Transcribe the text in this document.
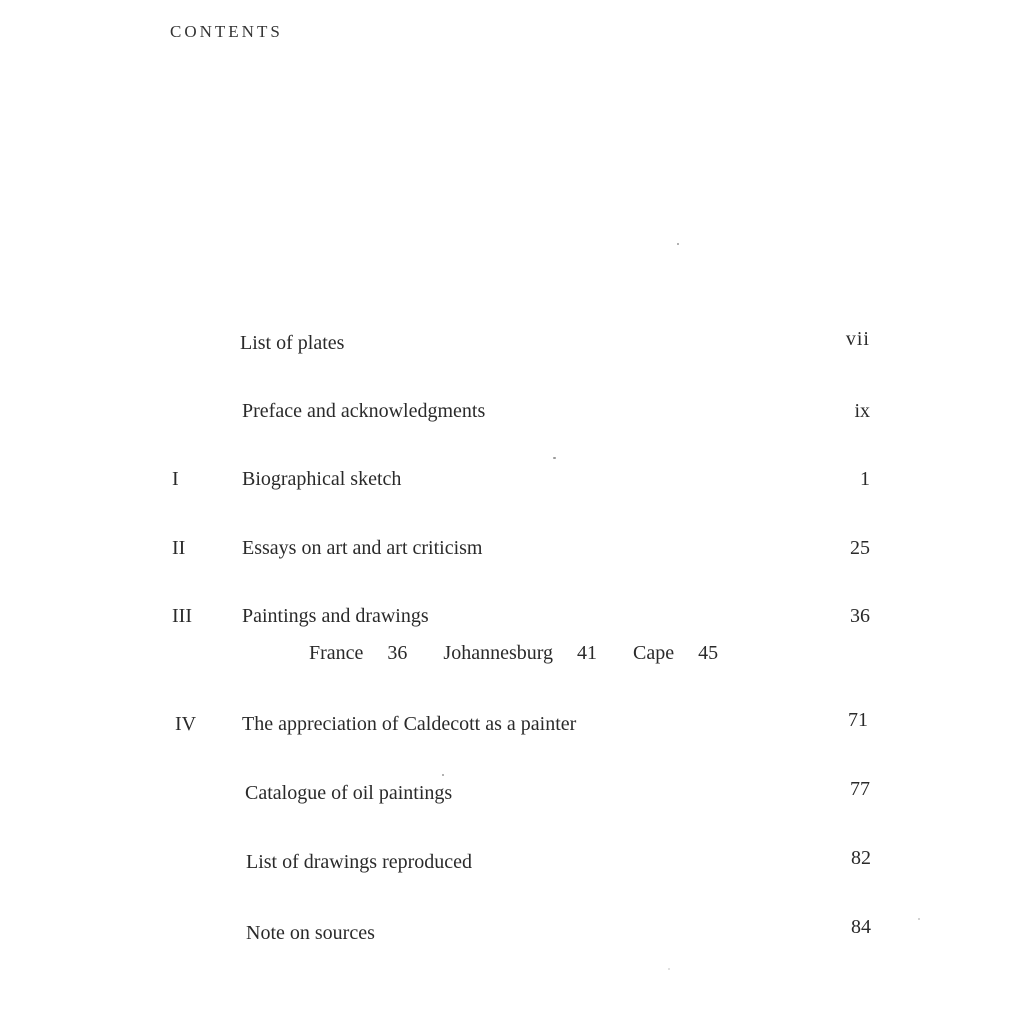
CONTENTS
List of plates	vii
Preface and acknowledgments	ix
I	Biographical sketch	1
II	Essays on art and art criticism	25
III	Paintings and drawings	36
France 36 Johannesburg 41 Cape 45
IV The appreciation of Caldecott as a painter	71
Catalogue of oil paintings	77
List of drawings reproduced	82
Note on sources	84
